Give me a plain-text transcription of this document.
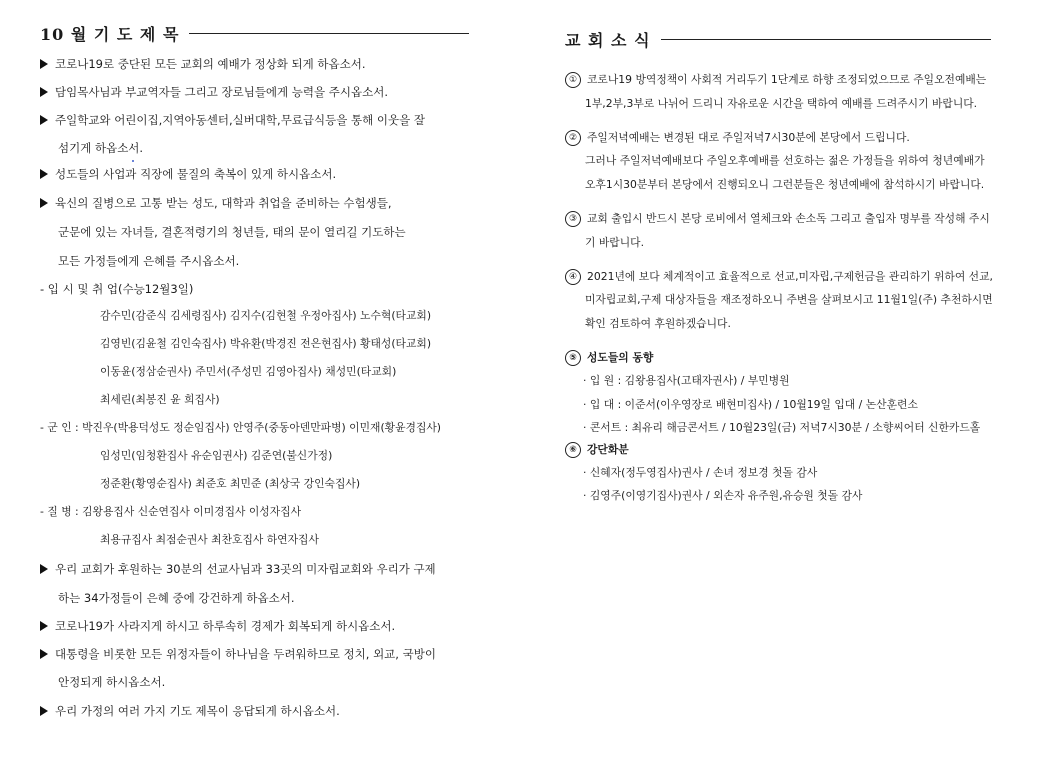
10 월 기 도 제 목
코로나19로 중단된 모든 교회의 예배가 정상화 되게 하옵소서.
담임목사님과 부교역자들 그리고 장로님들에게 능력을 주시옵소서.
주일학교와 어린이집,지역아동센터,실버대학,무료급식등을 통해 이웃을 잘
섬기게 하옵소서.
성도들의 사업과 직장에 물질의 축복이 있게 하시옵소서.
육신의 질병으로 고통 받는 성도, 대학과 취업을 준비하는 수험생들,
군문에 있는 자녀들, 결혼적령기의 청년들, 태의 문이 열리길 기도하는
모든 가정들에게 은혜를 주시옵소서.
- 입 시 및 취 업(수능12월3일)
감수민(감준식 김세령집사) 김지수(김현철 우정아집사) 노수혁(타교회)
김영빈(김윤철 김인숙집사) 박유환(박경진 전은현집사) 황태성(타교회)
이동윤(정삼순권사) 주민서(주성민 김영아집사) 채성민(타교회)
최세린(최봉진 윤 희집사)
- 군 인 : 박진우(박용덕성도 정순임집사) 안영주(중동아덴만파병) 이민재(황윤경집사)
임성민(임청환집사 유순임권사) 김준연(불신가정)
정준환(황영순집사) 최준호 최민준 (최상국 강인숙집사)
- 질 병 : 김왕용집사 신순연집사 이미경집사 이성자집사
최용규집사 최점순권사 최찬호집사 하연자집사
우리 교회가 후원하는 30분의 선교사님과 33곳의 미자립교회와 우리가 구제
하는 34가정들이 은혜 중에 강건하게 하옵소서.
코로나19가 사라지게 하시고 하루속히 경제가 회복되게 하시옵소서.
대통령을 비롯한 모든 위정자들이 하나님을 두려워하므로 정치, 외교, 국방이
안정되게 하시옵소서.
우리 가정의 여러 가지 기도 제목이 응답되게 하시옵소서.
교 회 소 식
① 코로나19 방역정책이 사회적 거리두기 1단계로 하향 조정되었으므로 주일오전예배는
1부,2부,3부로 나뉘어 드리니 자유로운 시간을 택하여 예배를 드려주시기 바랍니다.
② 주일저녁예배는 변경된 대로 주일저녁7시30분에 본당에서 드립니다.
그러나 주일저녁예배보다 주일오후예배를 선호하는 젊은 가정들을 위하여 청년예배가
오후1시30분부터 본당에서 진행되오니 그런분들은 청년예배에 참석하시기 바랍니다.
③ 교회 출입시 반드시 본당 로비에서 열체크와 손소독 그리고 출입자 명부를 작성해 주시
기 바랍니다.
④ 2021년에 보다 체계적이고 효율적으로 선교,미자립,구제헌금을 관리하기 위하여 선교,
미자립교회,구제 대상자들을 재조정하오니 주변을 살펴보시고 11월1일(주) 추천하시면
확인 검토하여 후원하겠습니다.
⑤ 성도들의 동향
· 입 원 : 김왕용집사(고태자권사) / 부민병원
· 입 대 : 이준서(이우영장로 배현미집사) / 10월19일 입대 / 논산훈련소
· 콘서트 : 최유리 해금콘서트 / 10월23일(금) 저녁7시30분 / 소향씨어터 신한카드홀
⑥ 강단화분
· 신혜자(정두영집사)권사 / 손녀 정보경 첫돌 감사
· 김영주(이영기집사)권사 / 외손자 유주원,유승원 첫돌 감사
